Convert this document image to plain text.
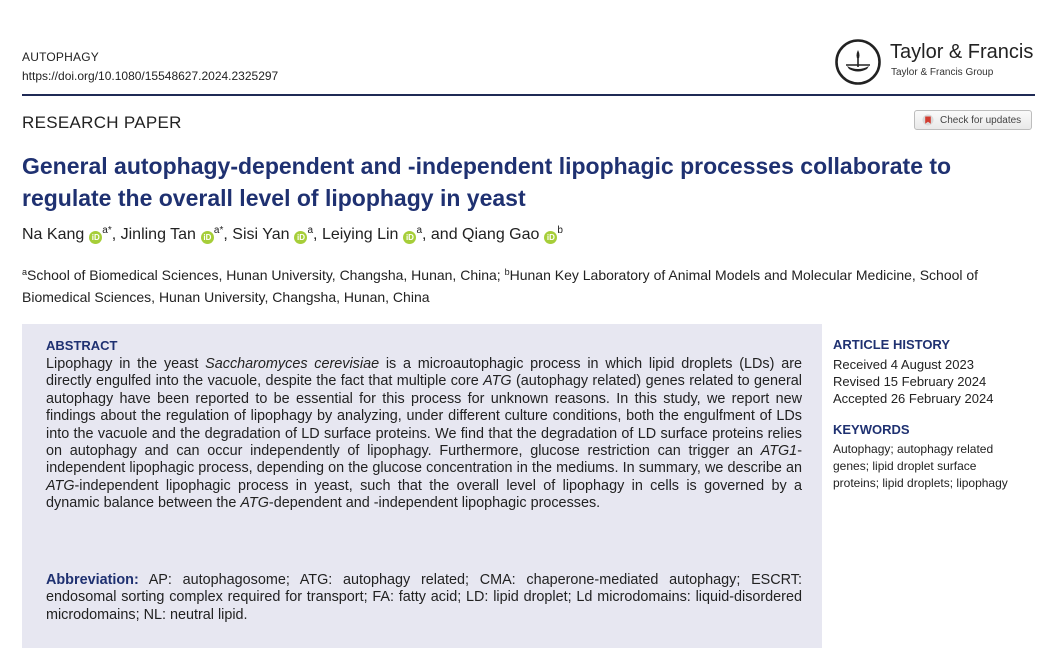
AUTOPHAGY
https://doi.org/10.1080/15548627.2024.2325297
Taylor & Francis
Taylor & Francis Group
RESEARCH PAPER	Check for updates
General autophagy-dependent and -independent lipophagic processes collaborate to regulate the overall level of lipophagy in yeast
Na Kang $iD^{a*}$, Jinling Tan $iD^{a*}$, Sisi Yan $iD^a$, Leiying Lin $iD^a$, and Qiang Gao $iD^b$

$^a$School of Biomedical Sciences, Hunan University, Changsha, Hunan, China; $^b$Hunan Key Laboratory of Animal Models and Molecular Medicine, School of Biomedical Sciences, Hunan University, Changsha, Hunan, China

ABSTRACT

Lipophagy in the yeast Saccharomyces cerevisiae is a microautophagic process in which lipid droplets (LDs) are directly engulfed into the vacuole, despite the fact that multiple core ATG (autophagy related) genes related to general autophagy have been reported to be essential for this process for unknown reasons. In this study, we report new findings about the regulation of lipophagy by analyzing, under different culture conditions, both the engulfment of LDs into the vacuole and the degradation of LD surface proteins. We find that the degradation of LD surface proteins relies on autophagy and can occur independently of lipophagy. Furthermore, glucose restriction can trigger an ATG1-independent lipophagic process, depending on the glucose concentration in the mediums. In summary, we describe an ATG-independent lipophagic process in yeast, such that the overall level of lipophagy in cells is governed by a dynamic balance between the ATG-dependent and -independent lipophagic processes.

Abbreviation: AP: autophagosome; ATG: autophagy related; CMA: chaperone-mediated autophagy; ESCRT: endosomal sorting complex required for transport; FA: fatty acid; LD: lipid droplet; Ld microdomains: liquid-disordered microdomains; NL: neutral lipid.

ARTICLE HISTORY
Received 4 August 2023
Revised 15 February 2024
Accepted 26 February 2024
KEYWORDS
Autophagy; autophagy related genes; lipid droplet surface proteins; lipid droplets; lipophagy
